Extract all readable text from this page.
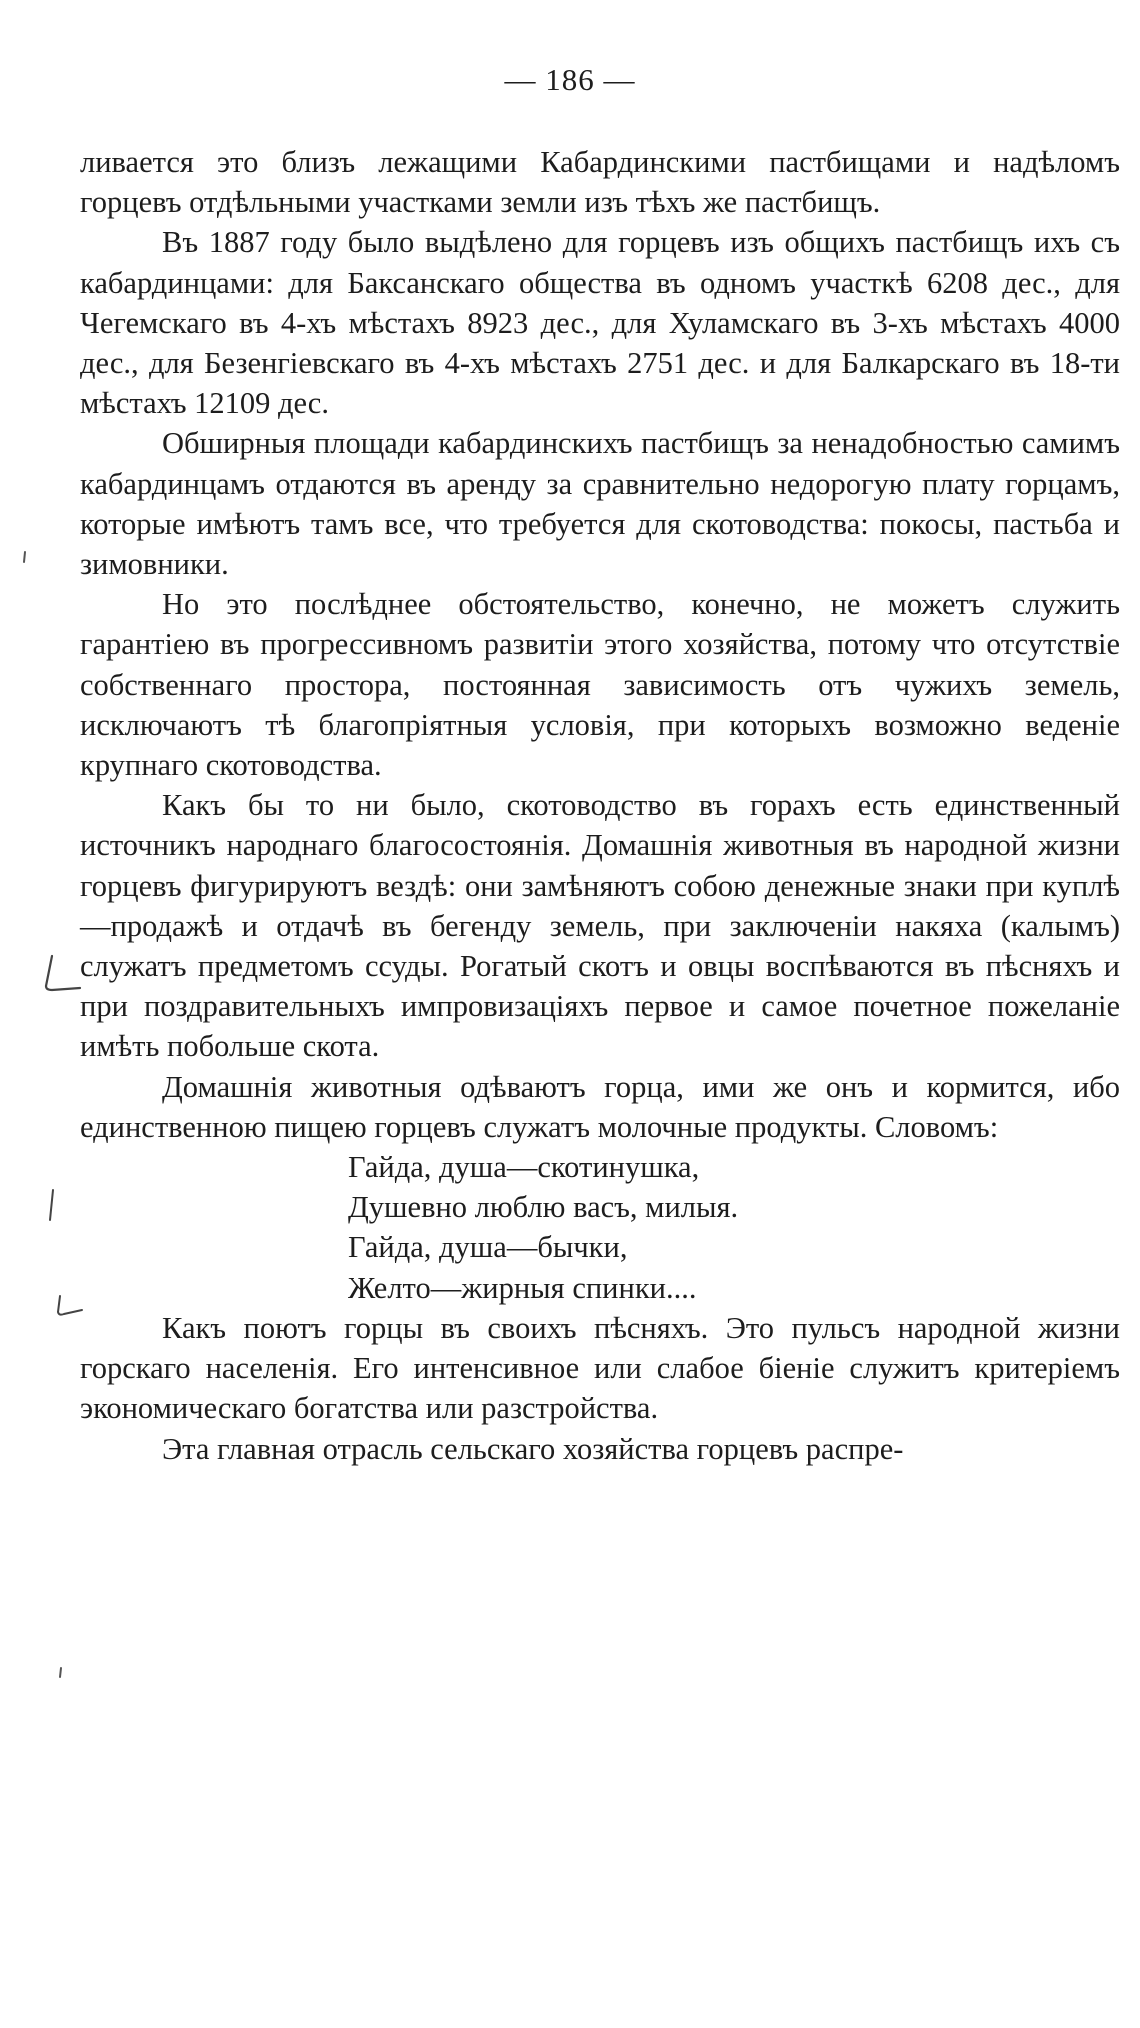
— 186 —

ливается это близъ лежащими Кабардинскими пастбищами и надѣломъ горцевъ отдѣльными участками земли изъ тѣхъ же пастбищъ.

Въ 1887 году было выдѣлено для горцевъ изъ общихъ пастбищъ ихъ съ кабардинцами: для Баксанскаго общества въ одномъ участкѣ 6208 дес., для Чегемскаго въ 4-хъ мѣстахъ 8923 дес., для Хуламскаго въ 3-хъ мѣстахъ 4000 дес., для Безенгіевскаго въ 4-хъ мѣстахъ 2751 дес. и для Балкарскаго въ 18-ти мѣстахъ 12109 дес.

Обширныя площади кабардинскихъ пастбищъ за ненадобностью самимъ кабардинцамъ отдаются въ аренду за сравнительно недорогую плату горцамъ, которые имѣютъ тамъ все, что требуется для скотоводства: покосы, пастьба и зимовники.

Но это послѣднее обстоятельство, конечно, не можетъ служить гарантіею въ прогрессивномъ развитіи этого хозяйства, потому что отсутствіе собственнаго простора, постоянная зависимость отъ чужихъ земель, исключаютъ тѣ благопріятныя условія, при которыхъ возможно веденіе крупнаго скотоводства.

Какъ бы то ни было, скотоводство въ горахъ есть единственный источникъ народнаго благосостоянія. Домашнія животныя въ народной жизни горцевъ фигурируютъ вездѣ: они замѣняютъ собою денежные знаки при куплѣ—продажѣ и отдачѣ въ бегенду земель, при заключеніи накяха (калымъ) служатъ предметомъ ссуды. Рогатый скотъ и овцы воспѣваются въ пѣсняхъ и при поздравительныхъ импровизаціяхъ первое и самое почетное пожеланіе имѣть побольше скота.

Домашнія животныя одѣваютъ горца, ими же онъ и кормится, ибо единственною пищею горцевъ служатъ молочные продукты. Словомъ:

Гайда, душа—скотинушка,
Душевно люблю васъ, милыя.
Гайда, душа—бычки,
Желто—жирныя спинки....

Какъ поютъ горцы въ своихъ пѣсняхъ. Это пульсъ народной жизни горскаго населенія. Его интенсивное или слабое біеніе служитъ критеріемъ экономическаго богатства или разстройства.

Эта главная отрасль сельскаго хозяйства горцевъ распре-
